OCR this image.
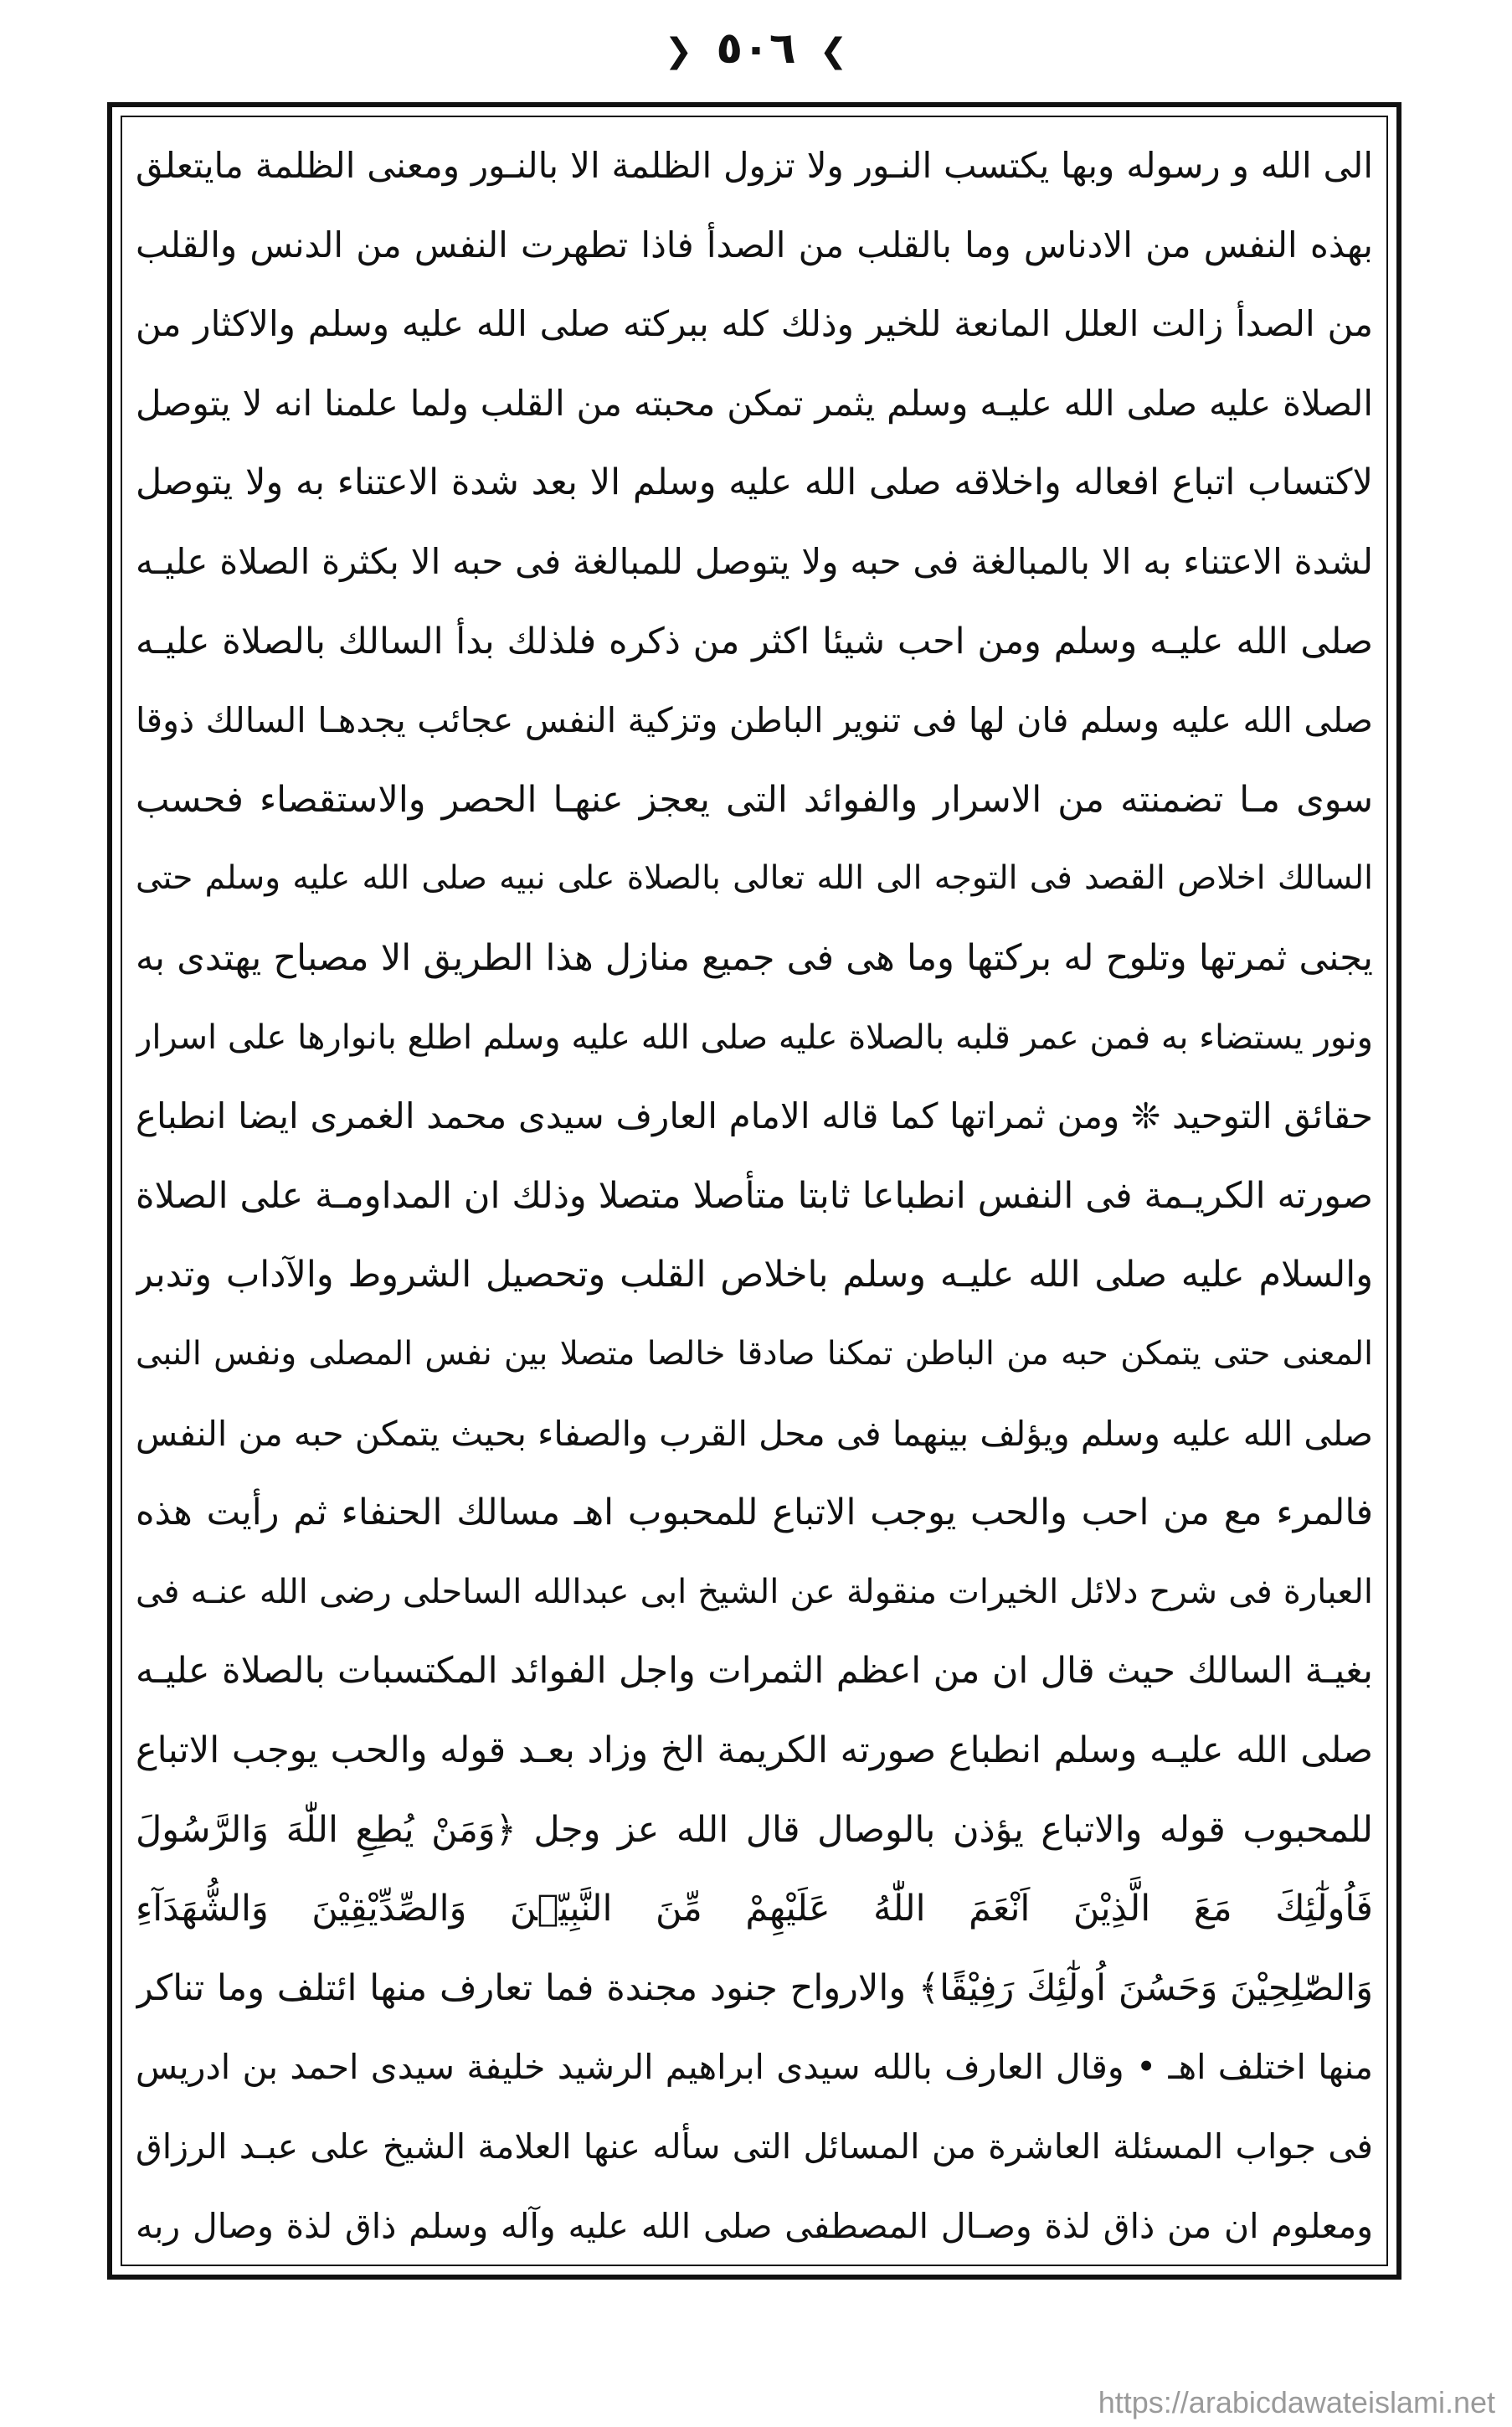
❯ ٥٠٦ ❮
الى الله و رسوله وبها يكتسب النـور ولا تزول الظلمة الا بالنـور ومعنى الظلمة مايتعلق
بهذه النفس من الادناس وما بالقلب من الصدأ فاذا تطهرت النفس من الدنس والقلب
من الصدأ زالت العلل المانعة للخير وذلك كله ببركته صلى الله عليه وسلم والاكثار من
الصلاة عليه صلى الله عليـه وسلم يثمر تمكن محبته من القلب ولما علمنا انه لا يتوصل
لاكتساب اتباع افعاله واخلاقه صلى الله عليه وسلم الا بعد شدة الاعتناء به ولا يتوصل
لشدة الاعتناء به الا بالمبالغة فى حبه ولا يتوصل للمبالغة فى حبه الا بكثرة الصلاة عليـه
صلى الله عليـه وسلم ومن احب شيئا اكثر من ذكره فلذلك بدأ السالك بالصلاة عليـه
صلى الله عليه وسلم فان لها فى تنوير الباطن وتزكية النفس عجائب يجدهـا السالك ذوقا
سوى مـا تضمنته من الاسرار والفوائد التى يعجز عنهـا الحصر والاستقصاء فحسب
السالك اخلاص القصد فى التوجه الى الله تعالى بالصلاة على نبيه صلى الله عليه وسلم حتى
يجنى ثمرتها وتلوح له بركتها وما هى فى جميع منازل هذا الطريق الا مصباح يهتدى به
ونور يستضاء به فمن عمر قلبه بالصلاة عليه صلى الله عليه وسلم اطلع بانوارها على اسرار
حقائق التوحيد ❊ ومن ثمراتها كما قاله الامام العارف سيدى محمد الغمرى ايضا انطباع
صورته الكريـمة فى النفس انطباعا ثابتا متأصلا متصلا وذلك ان المداومـة على الصلاة
والسلام عليه صلى الله عليـه وسلم باخلاص القلب وتحصيل الشروط والآداب وتدبر
المعنى حتى يتمكن حبه من الباطن تمكنا صادقا خالصا متصلا بين نفس المصلى ونفس النبى
صلى الله عليه وسلم ويؤلف بينهما فى محل القرب والصفاء بحيث يتمكن حبه من النفس
فالمرء مع من احب والحب يوجب الاتباع للمحبوب اهـ مسالك الحنفاء ثم رأيت هذه
العبارة فى شرح دلائل الخيرات منقولة عن الشيخ ابى عبدالله الساحلى رضى الله عنـه فى
بغيـة السالك حيث قال ان من اعظم الثمرات واجل الفوائد المكتسبات بالصلاة عليـه
صلى الله عليـه وسلم انطباع صورته الكريمة الخ وزاد بعـد قوله والحب يوجب الاتباع
للمحبوب قوله والاتباع يؤذن بالوصال قال الله عز وجل ﴿وَمَنْ يُطِعِ اللّٰهَ وَالرَّسُولَ
فَاُولٰٓئِكَ مَعَ الَّذِيْنَ اَنْعَمَ اللّٰهُ عَلَيْهِمْ مِّنَ النَّبِيّٖنَ وَالصِّدِّيْقِيْنَ وَالشُّهَدَآءِ
وَالصّٰلِحِيْنَ وَحَسُنَ اُولٰٓئِكَ رَفِيْقًا﴾ والارواح جنود مجندة فما تعارف منها ائتلف وما تناكر
منها اختلف اهـ • وقال العارف بالله سيدى ابراهيم الرشيد خليفة سيدى احمد بن ادريس
فى جواب المسئلة العاشرة من المسائل التى سأله عنها العلامة الشيخ على عبـد الرزاق
ومعلوم ان من ذاق لذة وصـال المصطفى صلى الله عليه وآله وسلم ذاق لذة وصال ربه
https://arabicdawateislami.net
